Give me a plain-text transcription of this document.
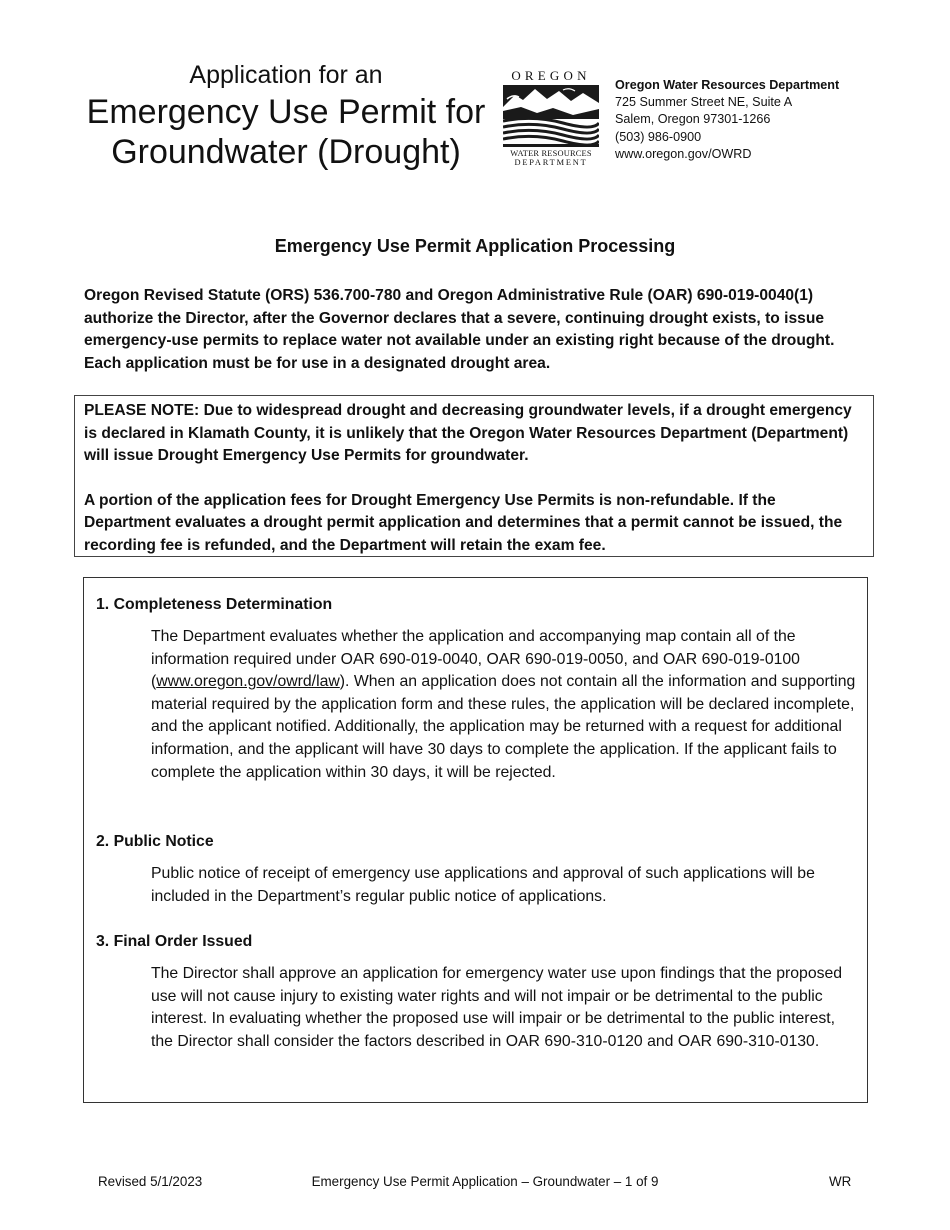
Application for an
Emergency Use Permit for
Groundwater (Drought)
OREGON
WATER RESOURCES
DEPARTMENT
Oregon Water Resources Department
725 Summer Street NE, Suite A
Salem, Oregon 97301-1266
(503) 986-0900
www.oregon.gov/OWRD
Emergency Use Permit Application Processing
Oregon Revised Statute (ORS) 536.700-780 and Oregon Administrative Rule (OAR) 690-019-0040(1) authorize the Director, after the Governor declares that a severe, continuing drought exists, to issue emergency-use permits to replace water not available under an existing right because of the drought. Each application must be for use in a designated drought area.

PLEASE NOTE: Due to widespread drought and decreasing groundwater levels, if a drought emergency is declared in Klamath County, it is unlikely that the Oregon Water Resources Department (Department) will issue Drought Emergency Use Permits for groundwater.

A portion of the application fees for Drought Emergency Use Permits is non-refundable. If the Department evaluates a drought permit application and determines that a permit cannot be issued, the recording fee is refunded, and the Department will retain the exam fee.

1. Completeness Determination
The Department evaluates whether the application and accompanying map contain all of the information required under OAR 690-019-0040, OAR 690-019-0050, and OAR 690-019-0100 (www.oregon.gov/owrd/law). When an application does not contain all the information and supporting material required by the application form and these rules, the application will be declared incomplete, and the applicant notified. Additionally, the application may be returned with a request for additional information, and the applicant will have 30 days to complete the application. If the applicant fails to complete the application within 30 days, it will be rejected.
2. Public Notice
Public notice of receipt of emergency use applications and approval of such applications will be included in the Department’s regular public notice of applications.
3. Final Order Issued
The Director shall approve an application for emergency water use upon findings that the proposed use will not cause injury to existing water rights and will not impair or be detrimental to the public interest. In evaluating whether the proposed use will impair or be detrimental to the public interest, the Director shall consider the factors described in OAR 690-310-0120 and OAR 690-310-0130.
Revised 5/1/2023	Emergency Use Permit Application – Groundwater – 1 of 9	WR
